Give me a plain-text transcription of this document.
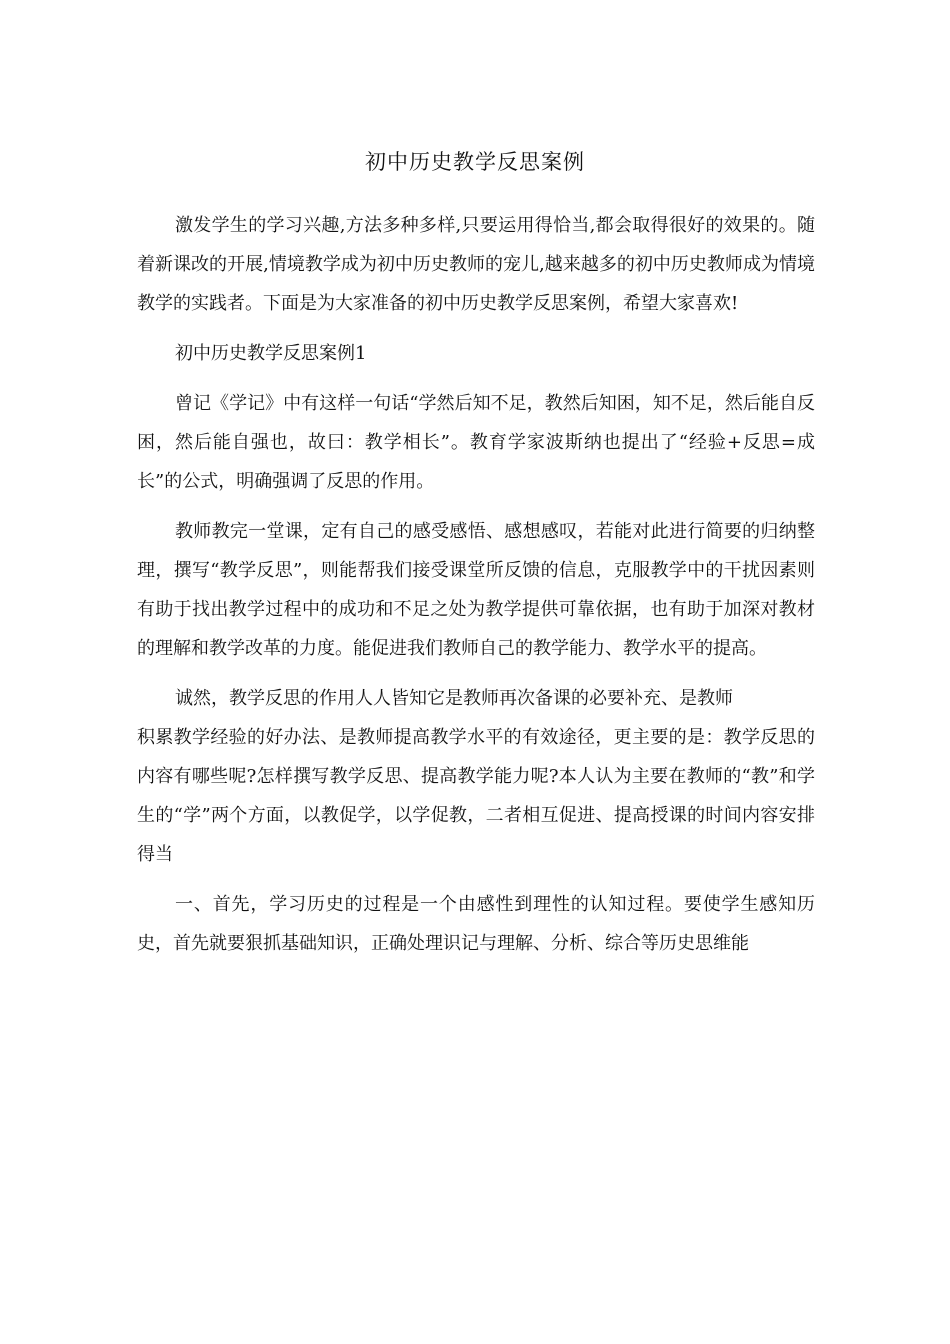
初中历史教学反思案例

激发学生的学习兴趣,方法多种多样,只要运用得恰当,都会取得很好的效果的。随着新课改的开展,情境教学成为初中历史教师的宠儿,越来越多的初中历史教师成为情境教学的实践者。下面是为大家准备的初中历史教学反思案例，希望大家喜欢!

初中历史教学反思案例1

曾记《学记》中有这样一句话“学然后知不足，教然后知困，知不足，然后能自反困，然后能自强也，故曰：教学相长”。教育学家波斯纳也提出了“经验+反思=成长”的公式，明确强调了反思的作用。

教师教完一堂课，定有自己的感受感悟、感想感叹，若能对此进行简要的归纳整理，撰写“教学反思”，则能帮我们接受课堂所反馈的信息，克服教学中的干扰因素则有助于找出教学过程中的成功和不足之处为教学提供可靠依据，也有助于加深对教材的理解和教学改革的力度。能促进我们教师自己的教学能力、教学水平的提高。

诚然，教学反思的作用人人皆知它是教师再次备课的必要补充、是教师
积累教学经验的好办法、是教师提高教学水平的有效途径，更主要的是：教学反思的内容有哪些呢?怎样撰写教学反思、提高教学能力呢?本人认为主要在教师的“教”和学生的“学”两个方面，以教促学，以学促教，二者相互促进、提高授课的时间内容安排得当

一、首先，学习历史的过程是一个由感性到理性的认知过程。要使学生感知历史，首先就要狠抓基础知识，正确处理识记与理解、分析、综合等历史思维能
